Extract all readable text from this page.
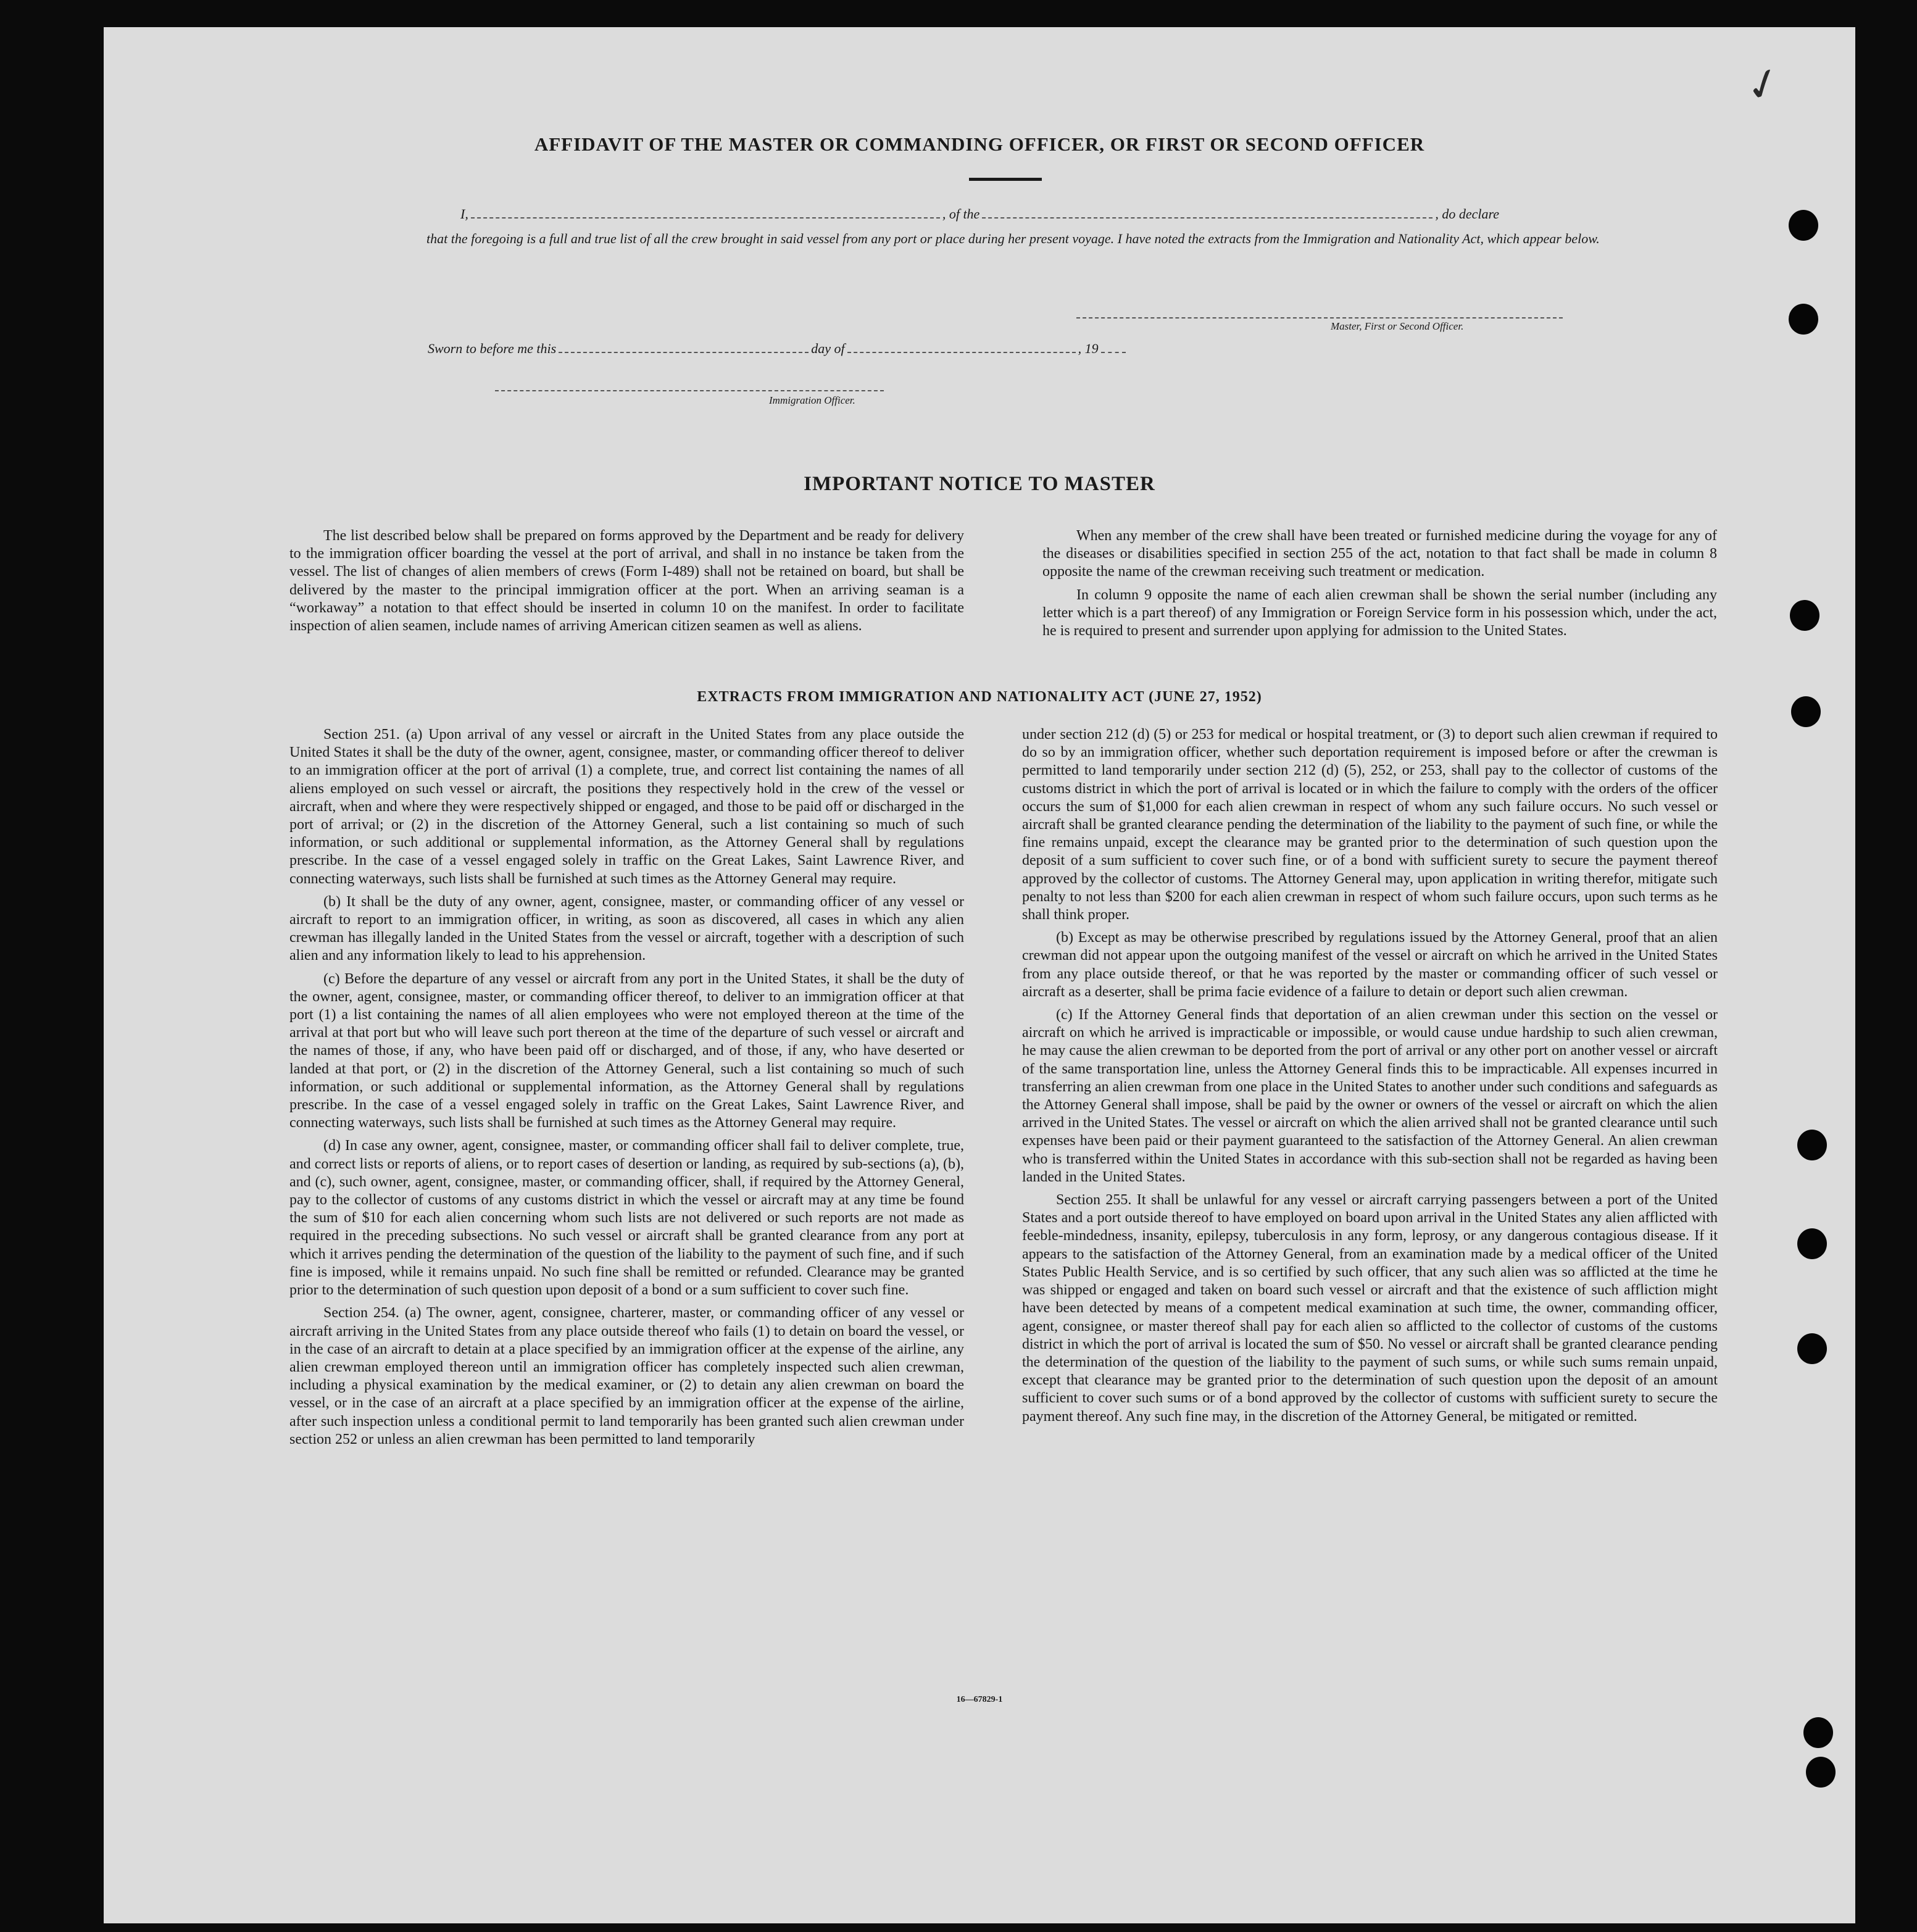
✓
AFFIDAVIT OF THE MASTER OR COMMANDING OFFICER, OR FIRST OR SECOND OFFICER
I,	, of the	, do declare

that the foregoing is a full and true list of all the crew brought in said vessel from any port or place during her present voyage. I have noted the extracts from the Immigration and Nationality Act, which appear below.

Master, First or Second Officer.
Sworn to before me this	day of	, 19
Immigration Officer.
IMPORTANT NOTICE TO MASTER

The list described below shall be prepared on forms approved by the Department and be ready for delivery to the immigration officer boarding the vessel at the port of arrival, and shall in no instance be taken from the vessel. The list of changes of alien members of crews (Form I-489) shall not be retained on board, but shall be delivered by the master to the principal immigration officer at the port. When an arriving seaman is a “workaway” a notation to that effect should be inserted in column 10 on the manifest. In order to facilitate inspection of alien seamen, include names of arriving American citizen seamen as well as aliens.

When any member of the crew shall have been treated or furnished medicine during the voyage for any of the diseases or disabilities specified in section 255 of the act, notation to that fact shall be made in column 8 opposite the name of the crewman receiving such treatment or medication.

In column 9 opposite the name of each alien crewman shall be shown the serial number (including any letter which is a part thereof) of any Immigration or Foreign Service form in his possession which, under the act, he is required to present and surrender upon applying for admission to the United States.

EXTRACTS FROM IMMIGRATION AND NATIONALITY ACT (JUNE 27, 1952)

Section 251. (a) Upon arrival of any vessel or aircraft in the United States from any place outside the United States it shall be the duty of the owner, agent, consignee, master, or commanding officer thereof to deliver to an immigration officer at the port of arrival (1) a complete, true, and correct list containing the names of all aliens employed on such vessel or aircraft, the positions they respectively hold in the crew of the vessel or aircraft, when and where they were respectively shipped or engaged, and those to be paid off or discharged in the port of arrival; or (2) in the discretion of the Attorney General, such a list containing so much of such information, or such additional or supplemental information, as the Attorney General shall by regulations prescribe. In the case of a vessel engaged solely in traffic on the Great Lakes, Saint Lawrence River, and connecting waterways, such lists shall be furnished at such times as the Attorney General may require.

(b) It shall be the duty of any owner, agent, consignee, master, or commanding officer of any vessel or aircraft to report to an immigration officer, in writing, as soon as discovered, all cases in which any alien crewman has illegally landed in the United States from the vessel or aircraft, together with a description of such alien and any information likely to lead to his apprehension.

(c) Before the departure of any vessel or aircraft from any port in the United States, it shall be the duty of the owner, agent, consignee, master, or commanding officer thereof, to deliver to an immigration officer at that port (1) a list containing the names of all alien employees who were not employed thereon at the time of the arrival at that port but who will leave such port thereon at the time of the departure of such vessel or aircraft and the names of those, if any, who have been paid off or discharged, and of those, if any, who have deserted or landed at that port, or (2) in the discretion of the Attorney General, such a list containing so much of such information, or such additional or supplemental information, as the Attorney General shall by regulations prescribe. In the case of a vessel engaged solely in traffic on the Great Lakes, Saint Lawrence River, and connecting waterways, such lists shall be furnished at such times as the Attorney General may require.

(d) In case any owner, agent, consignee, master, or commanding officer shall fail to deliver complete, true, and correct lists or reports of aliens, or to report cases of desertion or landing, as required by sub-sections (a), (b), and (c), such owner, agent, consignee, master, or commanding officer, shall, if required by the Attorney General, pay to the collector of customs of any customs district in which the vessel or aircraft may at any time be found the sum of $10 for each alien concerning whom such lists are not delivered or such reports are not made as required in the preceding subsections. No such vessel or aircraft shall be granted clearance from any port at which it arrives pending the determination of the question of the liability to the payment of such fine, and if such fine is imposed, while it remains unpaid. No such fine shall be remitted or refunded. Clearance may be granted prior to the determination of such question upon deposit of a bond or a sum sufficient to cover such fine.

Section 254. (a) The owner, agent, consignee, charterer, master, or commanding officer of any vessel or aircraft arriving in the United States from any place outside thereof who fails (1) to detain on board the vessel, or in the case of an aircraft to detain at a place specified by an immigration officer at the expense of the airline, any alien crewman employed thereon until an immigration officer has completely inspected such alien crewman, including a physical examination by the medical examiner, or (2) to detain any alien crewman on board the vessel, or in the case of an aircraft at a place specified by an immigration officer at the expense of the airline, after such inspection unless a conditional permit to land temporarily has been granted such alien crewman under section 252 or unless an alien crewman has been permitted to land temporarily

under section 212 (d) (5) or 253 for medical or hospital treatment, or (3) to deport such alien crewman if required to do so by an immigration officer, whether such deportation requirement is imposed before or after the crewman is permitted to land temporarily under section 212 (d) (5), 252, or 253, shall pay to the collector of customs of the customs district in which the port of arrival is located or in which the failure to comply with the orders of the officer occurs the sum of $1,000 for each alien crewman in respect of whom any such failure occurs. No such vessel or aircraft shall be granted clearance pending the determination of the liability to the payment of such fine, or while the fine remains unpaid, except the clearance may be granted prior to the determination of such question upon the deposit of a sum sufficient to cover such fine, or of a bond with sufficient surety to secure the payment thereof approved by the collector of customs. The Attorney General may, upon application in writing therefor, mitigate such penalty to not less than $200 for each alien crewman in respect of whom such failure occurs, upon such terms as he shall think proper.

(b) Except as may be otherwise prescribed by regulations issued by the Attorney General, proof that an alien crewman did not appear upon the outgoing manifest of the vessel or aircraft on which he arrived in the United States from any place outside thereof, or that he was reported by the master or commanding officer of such vessel or aircraft as a deserter, shall be prima facie evidence of a failure to detain or deport such alien crewman.

(c) If the Attorney General finds that deportation of an alien crewman under this section on the vessel or aircraft on which he arrived is impracticable or impossible, or would cause undue hardship to such alien crewman, he may cause the alien crewman to be deported from the port of arrival or any other port on another vessel or aircraft of the same transportation line, unless the Attorney General finds this to be impracticable. All expenses incurred in transferring an alien crewman from one place in the United States to another under such conditions and safeguards as the Attorney General shall impose, shall be paid by the owner or owners of the vessel or aircraft on which the alien arrived in the United States. The vessel or aircraft on which the alien arrived shall not be granted clearance until such expenses have been paid or their payment guaranteed to the satisfaction of the Attorney General. An alien crewman who is transferred within the United States in accordance with this sub-section shall not be regarded as having been landed in the United States.

Section 255. It shall be unlawful for any vessel or aircraft carrying passengers between a port of the United States and a port outside thereof to have employed on board upon arrival in the United States any alien afflicted with feeble-mindedness, insanity, epilepsy, tuberculosis in any form, leprosy, or any dangerous contagious disease. If it appears to the satisfaction of the Attorney General, from an examination made by a medical officer of the United States Public Health Service, and is so certified by such officer, that any such alien was so afflicted at the time he was shipped or engaged and taken on board such vessel or aircraft and that the existence of such affliction might have been detected by means of a competent medical examination at such time, the owner, commanding officer, agent, consignee, or master thereof shall pay for each alien so afflicted to the collector of customs of the customs district in which the port of arrival is located the sum of $50. No vessel or aircraft shall be granted clearance pending the determination of the question of the liability to the payment of such sums, or while such sums remain unpaid, except that clearance may be granted prior to the determination of such question upon the deposit of an amount sufficient to cover such sums or of a bond approved by the collector of customs with sufficient surety to secure the payment thereof. Any such fine may, in the discretion of the Attorney General, be mitigated or remitted.

16—67829-1
